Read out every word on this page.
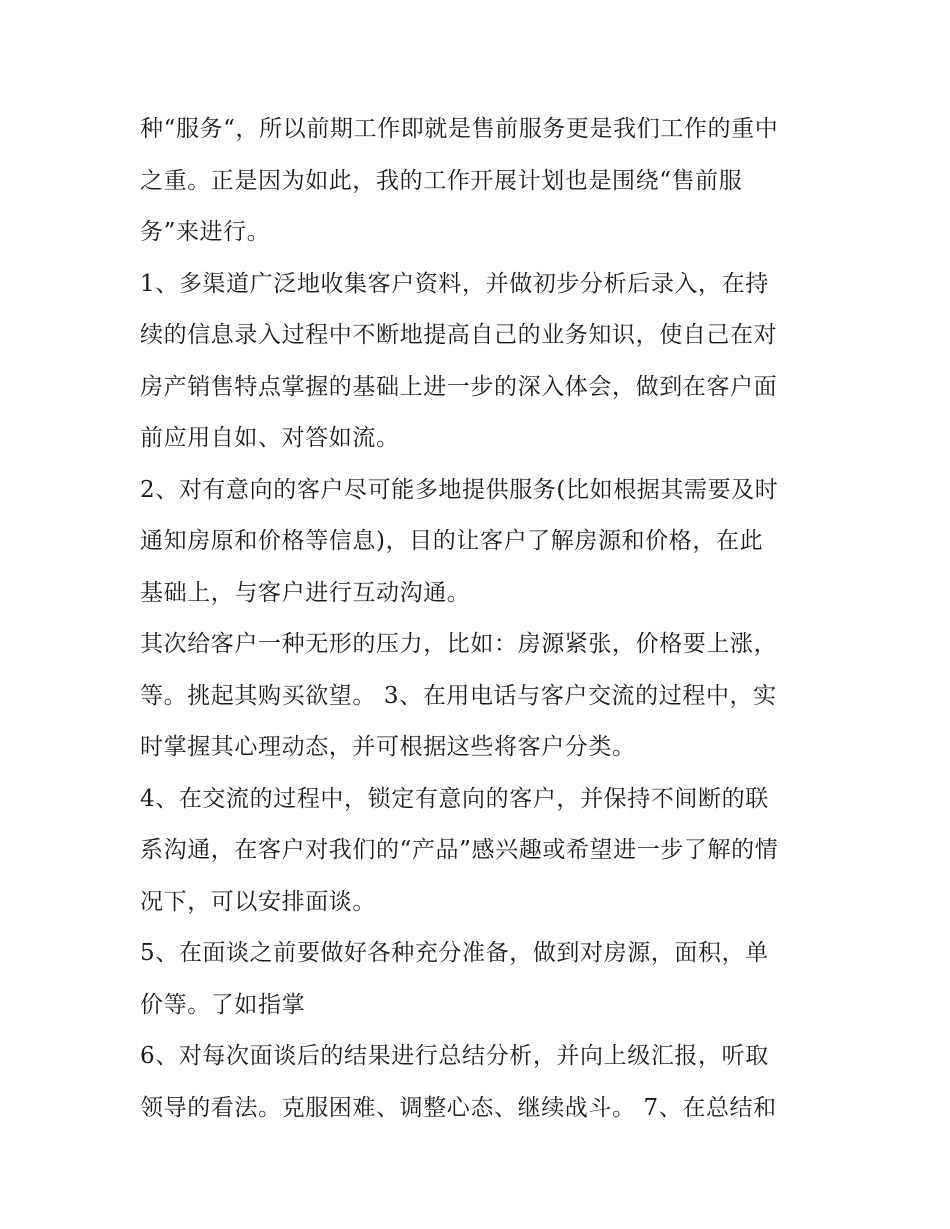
种“服务“，所以前期工作即就是售前服务更是我们工作的重中
之重。正是因为如此，我的工作开展计划也是围绕“售前服
务”来进行。
1、多渠道广泛地收集客户资料，并做初步分析后录入，在持
续的信息录入过程中不断地提高自己的业务知识，使自己在对
房产销售特点掌握的基础上进一步的深入体会，做到在客户面
前应用自如、对答如流。
2、对有意向的客户尽可能多地提供服务(比如根据其需要及时
通知房原和价格等信息)，目的让客户了解房源和价格，在此
基础上，与客户进行互动沟通。
其次给客户一种无形的压力，比如：房源紧张，价格要上涨，
等。挑起其购买欲望。 3、在用电话与客户交流的过程中，实
时掌握其心理动态，并可根据这些将客户分类。
4、在交流的过程中，锁定有意向的客户，并保持不间断的联
系沟通，在客户对我们的“产品”感兴趣或希望进一步了解的情
况下，可以安排面谈。
5、在面谈之前要做好各种充分准备，做到对房源，面积，单
价等。了如指掌
6、对每次面谈后的结果进行总结分析，并向上级汇报，听取
领导的看法。克服困难、调整心态、继续战斗。 7、在总结和
